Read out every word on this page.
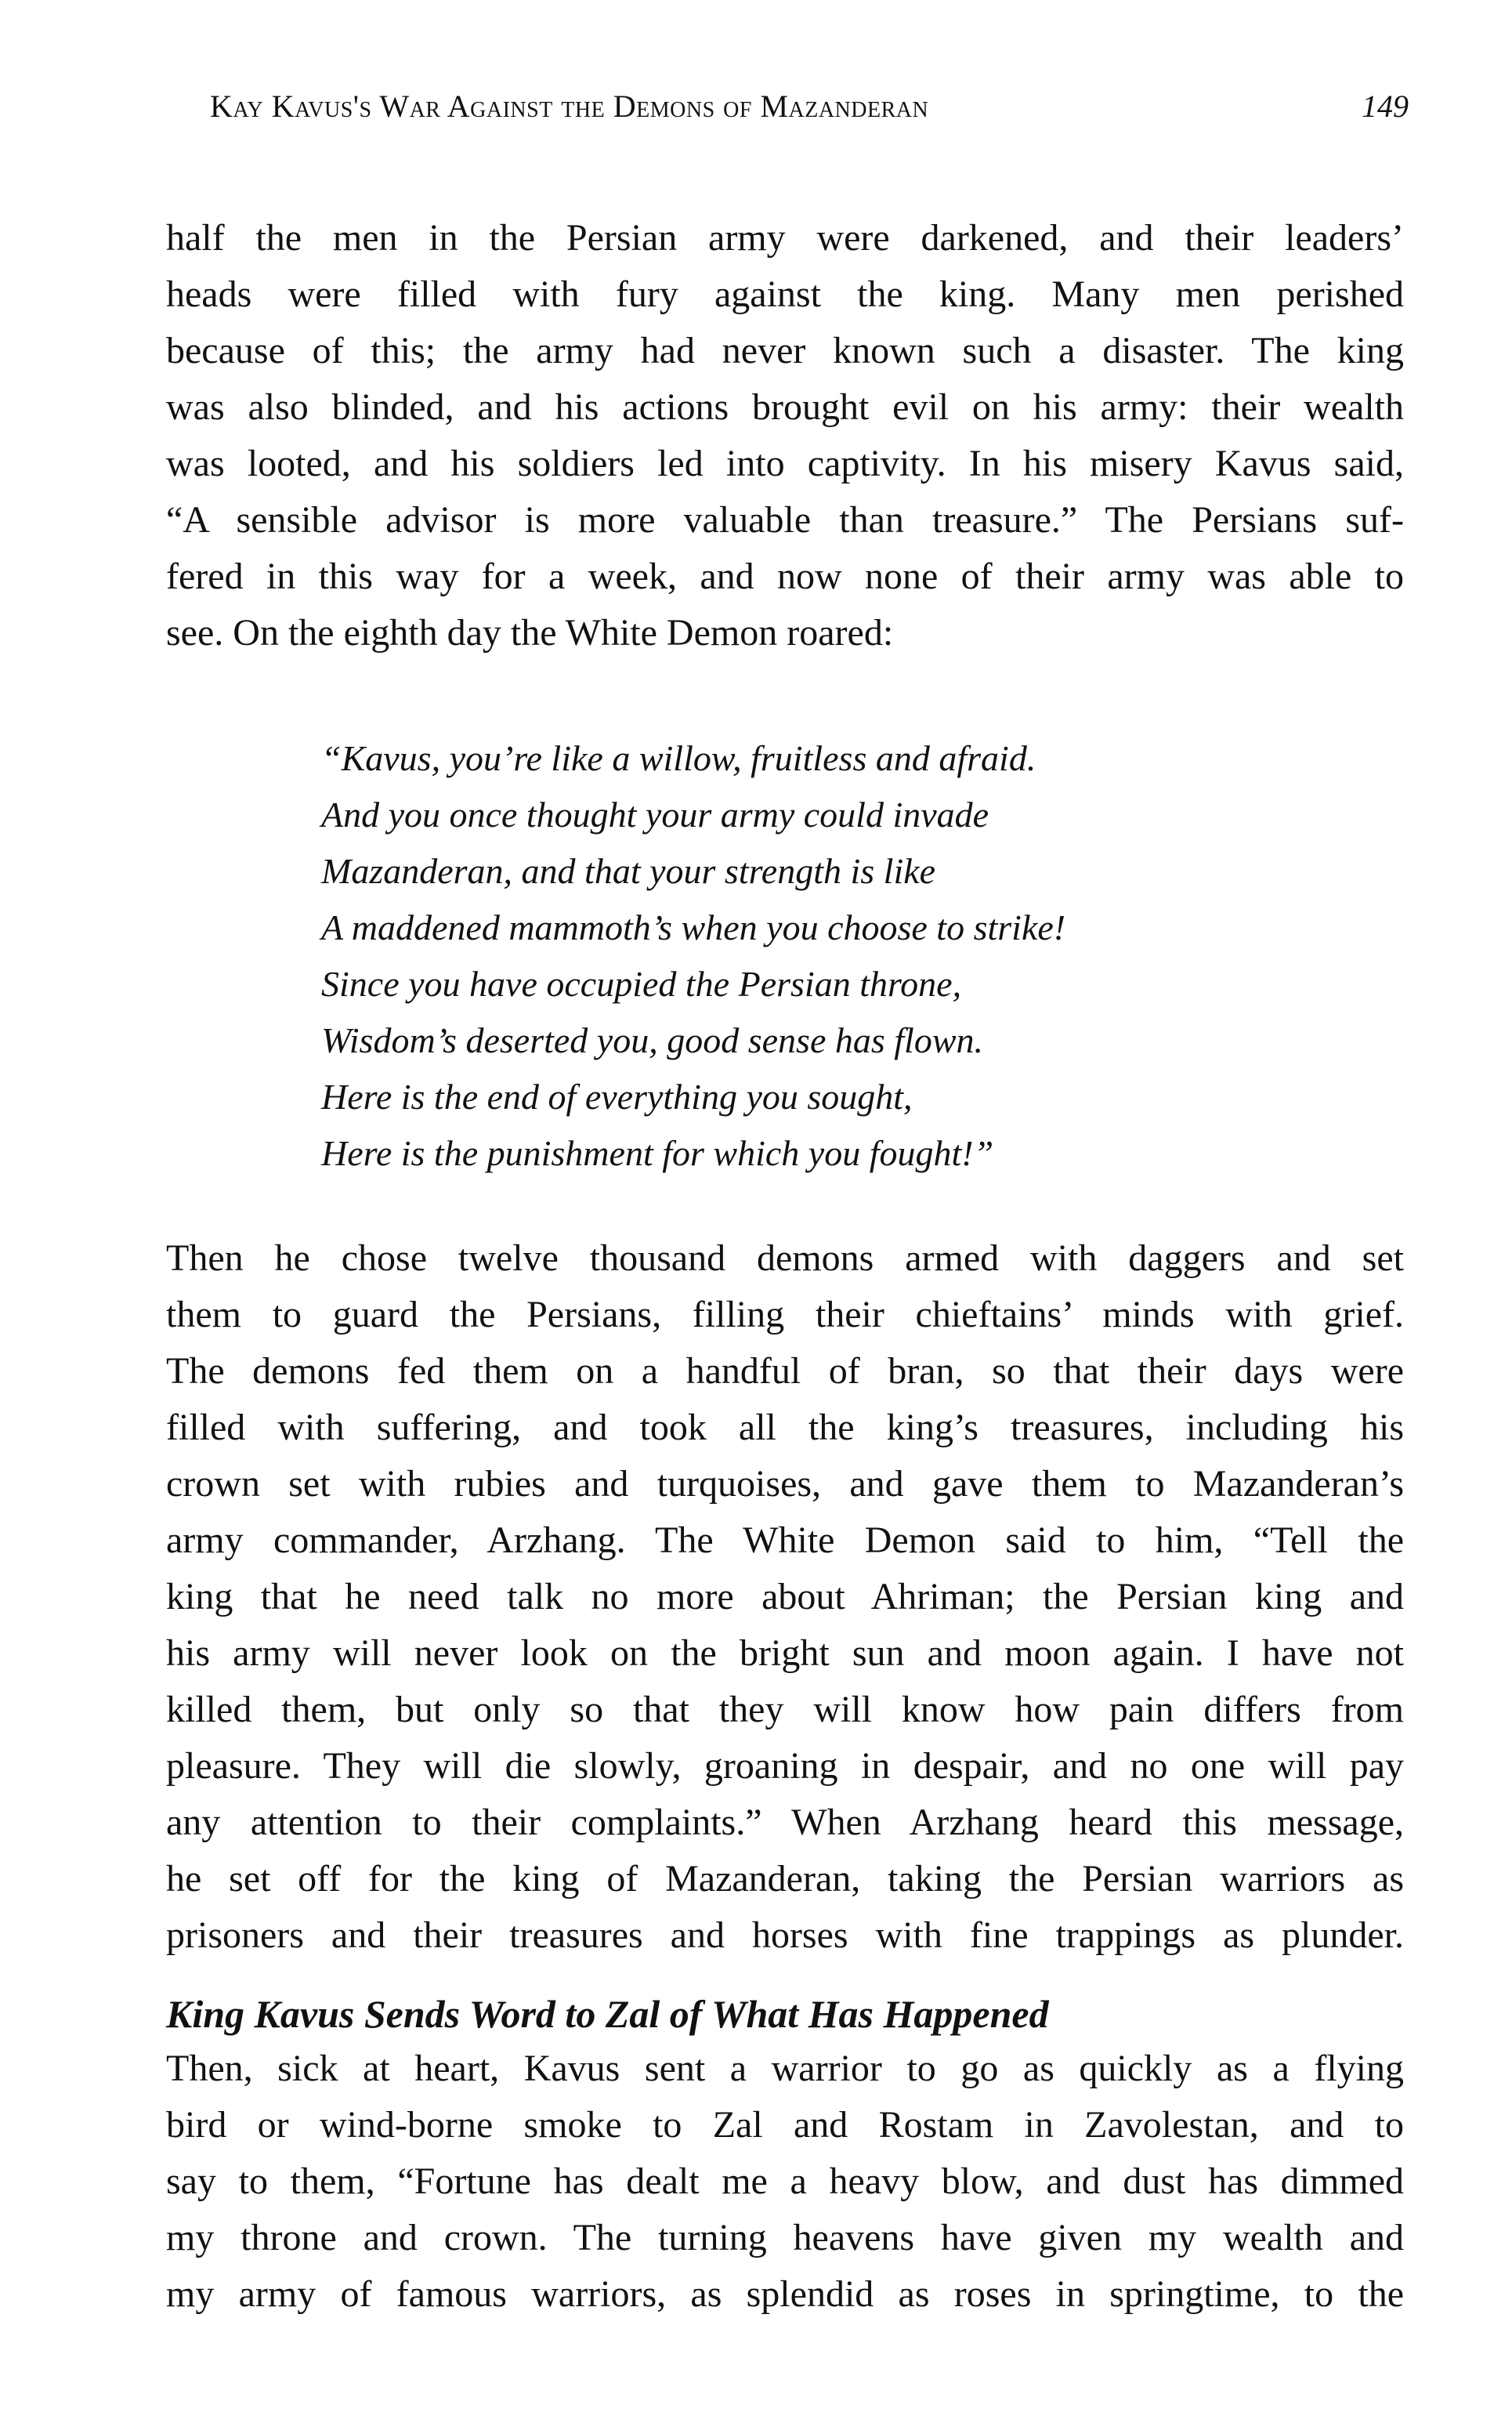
Kay Kavus's War Against the Demons of Mazanderan	149
half the men in the Persian army were darkened, and their leaders’
heads were filled with fury against the king. Many men perished
because of this; the army had never known such a disaster. The king
was also blinded, and his actions brought evil on his army: their wealth
was looted, and his soldiers led into captivity. In his misery Kavus said,
“A sensible advisor is more valuable than treasure.” The Persians suf-
fered in this way for a week, and now none of their army was able to
see. On the eighth day the White Demon roared:
“Kavus, you’re like a willow, fruitless and afraid.
And you once thought your army could invade
Mazanderan, and that your strength is like
A maddened mammoth’s when you choose to strike!
Since you have occupied the Persian throne,
Wisdom’s deserted you, good sense has flown.
Here is the end of everything you sought,
Here is the punishment for which you fought!”
Then he chose twelve thousand demons armed with daggers and set
them to guard the Persians, filling their chieftains’ minds with grief.
The demons fed them on a handful of bran, so that their days were
filled with suffering, and took all the king’s treasures, including his
crown set with rubies and turquoises, and gave them to Mazanderan’s
army commander, Arzhang. The White Demon said to him, “Tell the
king that he need talk no more about Ahriman; the Persian king and
his army will never look on the bright sun and moon again. I have not
killed them, but only so that they will know how pain differs from
pleasure. They will die slowly, groaning in despair, and no one will pay
any attention to their complaints.” When Arzhang heard this message,
he set off for the king of Mazanderan, taking the Persian warriors as
prisoners and their treasures and horses with fine trappings as plunder.
King Kavus Sends Word to Zal of What Has Happened
Then, sick at heart, Kavus sent a warrior to go as quickly as a flying
bird or wind-borne smoke to Zal and Rostam in Zavolestan, and to
say to them, “Fortune has dealt me a heavy blow, and dust has dimmed
my throne and crown. The turning heavens have given my wealth and
my army of famous warriors, as splendid as roses in springtime, to the
